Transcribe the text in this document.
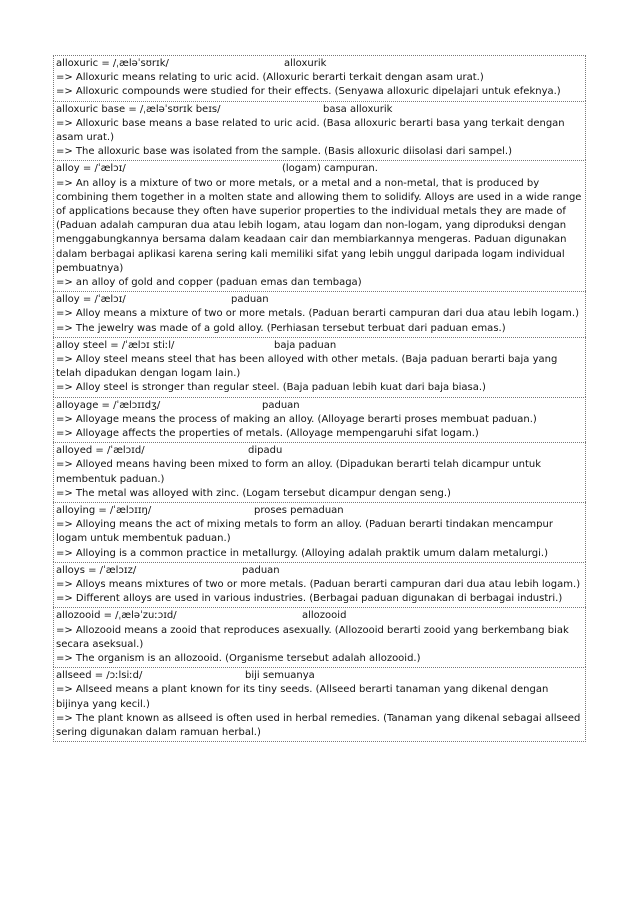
alloxuric = /ˌæləˈsʊrɪk/	alloxurik
=> Alloxuric means relating to uric acid. (Alloxuric berarti terkait dengan asam urat.)
=> Alloxuric compounds were studied for their effects. (Senyawa alloxuric dipelajari untuk efeknya.)
alloxuric base = /ˌæləˈsʊrɪk beɪs/	basa alloxurik
=> Alloxuric base means a base related to uric acid. (Basa alloxuric berarti basa yang terkait dengan asam urat.)
=> The alloxuric base was isolated from the sample. (Basis alloxuric diisolasi dari sampel.)
alloy = /ˈælɔɪ/	(logam) campuran.
=> An alloy is a mixture of two or more metals, or a metal and a non-metal, that is produced by combining them together in a molten state and allowing them to solidify. Alloys are used in a wide range of applications because they often have superior properties to the individual metals they are made of (Paduan adalah campuran dua atau lebih logam, atau logam dan non-logam, yang diproduksi dengan menggabungkannya bersama dalam keadaan cair dan membiarkannya mengeras. Paduan digunakan dalam berbagai aplikasi karena sering kali memiliki sifat yang lebih unggul daripada logam individual pembuatnya)
=> an alloy of gold and copper (paduan emas dan tembaga)
alloy = /ˈælɔɪ/	paduan
=> Alloy means a mixture of two or more metals. (Paduan berarti campuran dari dua atau lebih logam.)
=> The jewelry was made of a gold alloy. (Perhiasan tersebut terbuat dari paduan emas.)
alloy steel = /ˈælɔɪ stiːl/	baja paduan
=> Alloy steel means steel that has been alloyed with other metals. (Baja paduan berarti baja yang telah dipadukan dengan logam lain.)
=> Alloy steel is stronger than regular steel. (Baja paduan lebih kuat dari baja biasa.)
alloyage = /ˈælɔɪɪdʒ/	paduan
=> Alloyage means the process of making an alloy. (Alloyage berarti proses membuat paduan.)
=> Alloyage affects the properties of metals. (Alloyage mempengaruhi sifat logam.)
alloyed = /ˈælɔɪd/	dipadu
=> Alloyed means having been mixed to form an alloy. (Dipadukan berarti telah dicampur untuk membentuk paduan.)
=> The metal was alloyed with zinc. (Logam tersebut dicampur dengan seng.)
alloying = /ˈælɔɪɪŋ/	proses pemaduan
=> Alloying means the act of mixing metals to form an alloy. (Paduan berarti tindakan mencampur logam untuk membentuk paduan.)
=> Alloying is a common practice in metallurgy. (Alloying adalah praktik umum dalam metalurgi.)
alloys = /ˈælɔɪz/	paduan
=> Alloys means mixtures of two or more metals. (Paduan berarti campuran dari dua atau lebih logam.)
=> Different alloys are used in various industries. (Berbagai paduan digunakan di berbagai industri.)
allozooid = /ˌæləˈzuːɔɪd/	allozooid
=> Allozooid means a zooid that reproduces asexually. (Allozooid berarti zooid yang berkembang biak secara aseksual.)
=> The organism is an allozooid. (Organisme tersebut adalah allozooid.)
allseed = /ɔːlsiːd/	biji semuanya
=> Allseed means a plant known for its tiny seeds. (Allseed berarti tanaman yang dikenal dengan bijinya yang kecil.)
=> The plant known as allseed is often used in herbal remedies. (Tanaman yang dikenal sebagai allseed sering digunakan dalam ramuan herbal.)
